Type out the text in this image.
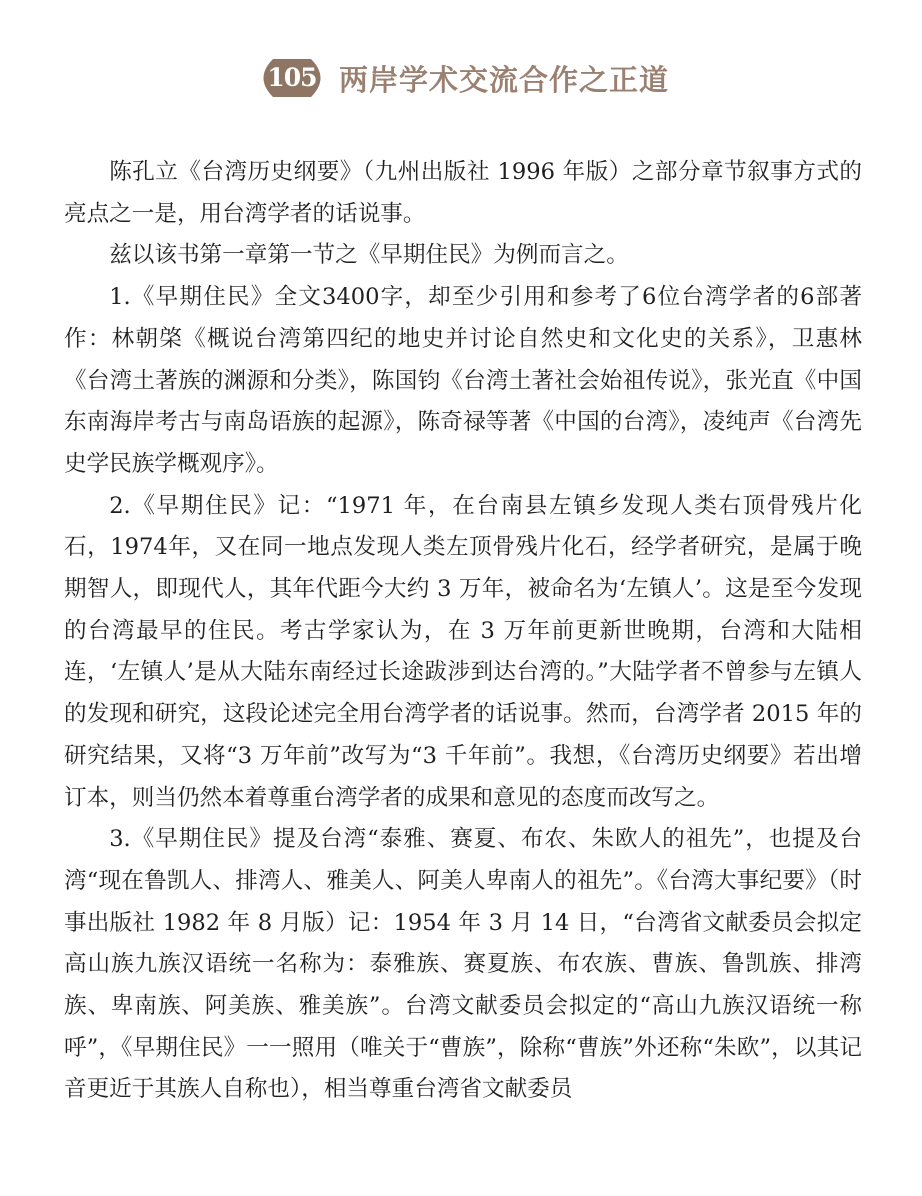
105 两岸学术交流合作之正道

陈孔立《台湾历史纲要》（九州出版社 1996 年版）之部分章节叙事方式的亮点之一是，用台湾学者的话说事。

兹以该书第一章第一节之《早期住民》为例而言之。

1.《早期住民》全文3400字，却至少引用和参考了6位台湾学者的6部著作：林朝棨《概说台湾第四纪的地史并讨论自然史和文化史的关系》，卫惠林《台湾土著族的渊源和分类》，陈国钧《台湾土著社会始祖传说》，张光直《中国东南海岸考古与南岛语族的起源》，陈奇禄等著《中国的台湾》，凌纯声《台湾先史学民族学概观序》。

2.《早期住民》记：“1971 年，在台南县左镇乡发现人类右顶骨残片化石，1974年，又在同一地点发现人类左顶骨残片化石，经学者研究，是属于晚期智人，即现代人，其年代距今大约 3 万年，被命名为‘左镇人’。这是至今发现的台湾最早的住民。考古学家认为，在 3 万年前更新世晚期，台湾和大陆相连，‘左镇人’是从大陆东南经过长途跋涉到达台湾的。”大陆学者不曾参与左镇人的发现和研究，这段论述完全用台湾学者的话说事。然而，台湾学者 2015 年的研究结果，又将“3 万年前”改写为“3 千年前”。我想，《台湾历史纲要》若出增订本，则当仍然本着尊重台湾学者的成果和意见的态度而改写之。

3.《早期住民》提及台湾“泰雅、赛夏、布农、朱欧人的祖先”，也提及台湾“现在鲁凯人、排湾人、雅美人、阿美人卑南人的祖先”。《台湾大事纪要》（时事出版社 1982 年 8 月版）记：1954 年 3 月 14 日，“台湾省文献委员会拟定高山族九族汉语统一名称为：泰雅族、赛夏族、布农族、曹族、鲁凯族、排湾族、卑南族、阿美族、雅美族”。台湾文献委员会拟定的“高山九族汉语统一称呼”，《早期住民》一一照用（唯关于“曹族”，除称“曹族”外还称“朱欧”，以其记音更近于其族人自称也），相当尊重台湾省文献委员
